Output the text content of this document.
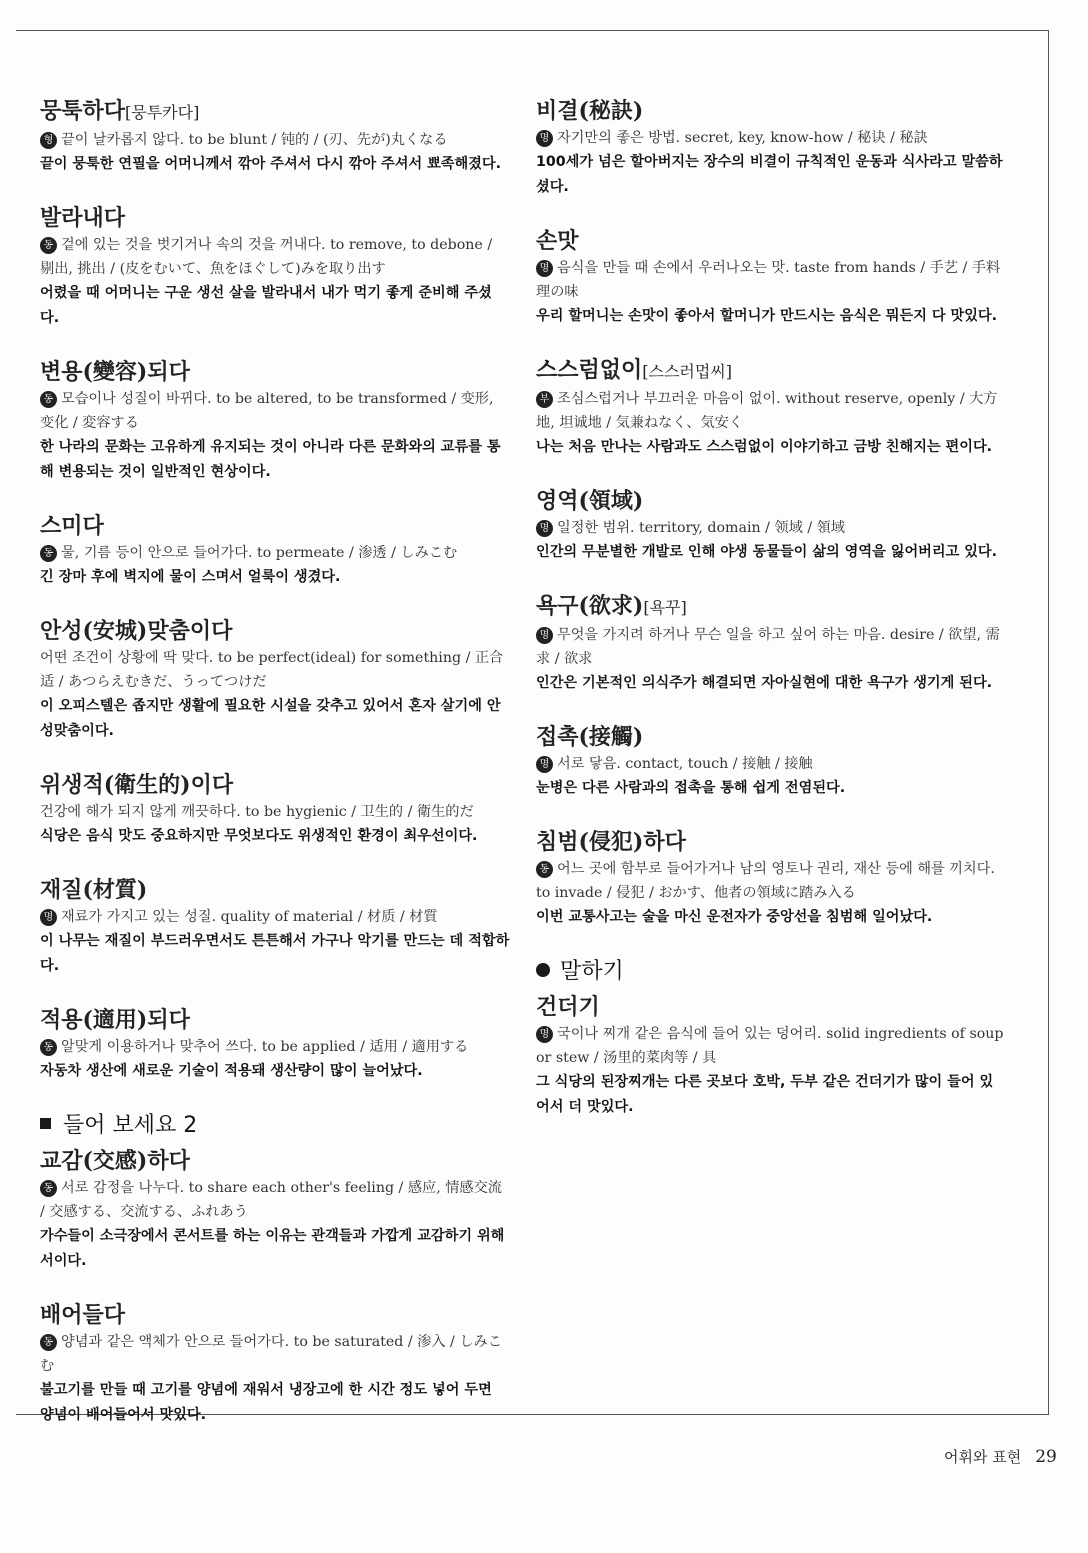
뭉툭하다[뭉투카다]
형 끝이 날카롭지 않다. to be blunt / 钝的 / (刃、先が)丸くなる
끝이 뭉툭한 연필을 어머니께서 깎아 주셔서 다시 깎아 주셔서 뾰족해졌다.
발라내다
동 겉에 있는 것을 벗기거나 속의 것을 꺼내다. to remove, to debone / 剔出, 挑出 / (皮をむいて、魚をほぐして)みを取り出す
어렸을 때 어머니는 구운 생선 살을 발라내서 내가 먹기 좋게 준비해 주셨다.
변용(變容)되다
동 모습이나 성질이 바뀌다. to be altered, to be transformed / 变形, 变化 / 変容する
한 나라의 문화는 고유하게 유지되는 것이 아니라 다른 문화와의 교류를 통해 변용되는 것이 일반적인 현상이다.
스미다
동 물, 기름 등이 안으로 들어가다. to permeate / 渗透 / しみこむ
긴 장마 후에 벽지에 물이 스며서 얼룩이 생겼다.
안성(安城)맞춤이다
어떤 조건이 상황에 딱 맞다. to be perfect(ideal) for something / 正合适 / あつらえむきだ、うってつけだ
이 오피스텔은 좁지만 생활에 필요한 시설을 갖추고 있어서 혼자 살기에 안성맞춤이다.
위생적(衛生的)이다
건강에 해가 되지 않게 깨끗하다. to be hygienic / 卫生的 / 衛生的だ
식당은 음식 맛도 중요하지만 무엇보다도 위생적인 환경이 최우선이다.
재질(材質)
명 재료가 가지고 있는 성질. quality of material / 材质 / 材質
이 나무는 재질이 부드러우면서도 튼튼해서 가구나 악기를 만드는 데 적합하다.
적용(適用)되다
동 알맞게 이용하거나 맞추어 쓰다. to be applied / 适用 / 適用する
자동차 생산에 새로운 기술이 적용돼 생산량이 많이 늘어났다.
들어 보세요 2
교감(交感)하다
동 서로 감정을 나누다. to share each other's feeling / 感应, 情感交流 / 交感する、交流する、ふれあう
가수들이 소극장에서 콘서트를 하는 이유는 관객들과 가깝게 교감하기 위해서이다.
배어들다
동 양념과 같은 액체가 안으로 들어가다. to be saturated / 渗入 / しみこむ
불고기를 만들 때 고기를 양념에 재워서 냉장고에 한 시간 정도 넣어 두면 양념이 배어들어서 맛있다.
비결(秘訣)
명 자기만의 좋은 방법. secret, key, know-how / 秘诀 / 秘訣
100세가 넘은 할아버지는 장수의 비결이 규칙적인 운동과 식사라고 말씀하셨다.
손맛
명 음식을 만들 때 손에서 우러나오는 맛. taste from hands / 手艺 / 手料理の味
우리 할머니는 손맛이 좋아서 할머니가 만드시는 음식은 뭐든지 다 맛있다.
스스럼없이[스스러멉씨]
부 조심스럽거나 부끄러운 마음이 없이. without reserve, openly / 大方地, 坦诚地 / 気兼ねなく、気安く
나는 처음 만나는 사람과도 스스럼없이 이야기하고 금방 친해지는 편이다.
영역(領域)
명 일정한 범위. territory, domain / 领域 / 領域
인간의 무분별한 개발로 인해 야생 동물들이 삶의 영역을 잃어버리고 있다.
욕구(欲求)[욕꾸]
명 무엇을 가지려 하거나 무슨 일을 하고 싶어 하는 마음. desire / 欲望, 需求 / 欲求
인간은 기본적인 의식주가 해결되면 자아실현에 대한 욕구가 생기게 된다.
접촉(接觸)
명 서로 닿음. contact, touch / 接触 / 接触
눈병은 다른 사람과의 접촉을 통해 쉽게 전염된다.
침범(侵犯)하다
동 어느 곳에 함부로 들어가거나 남의 영토나 권리, 재산 등에 해를 끼치다. to invade / 侵犯 / おかす、他者の領域に踏み入る
이번 교통사고는 술을 마신 운전자가 중앙선을 침범해 일어났다.
말하기
건더기
명 국이나 찌개 같은 음식에 들어 있는 덩어리. solid ingredients of soup or stew / 汤里的菜肉等 / 具
그 식당의 된장찌개는 다른 곳보다 호박, 두부 같은 건더기가 많이 들어 있어서 더 맛있다.
어휘와 표현 29
